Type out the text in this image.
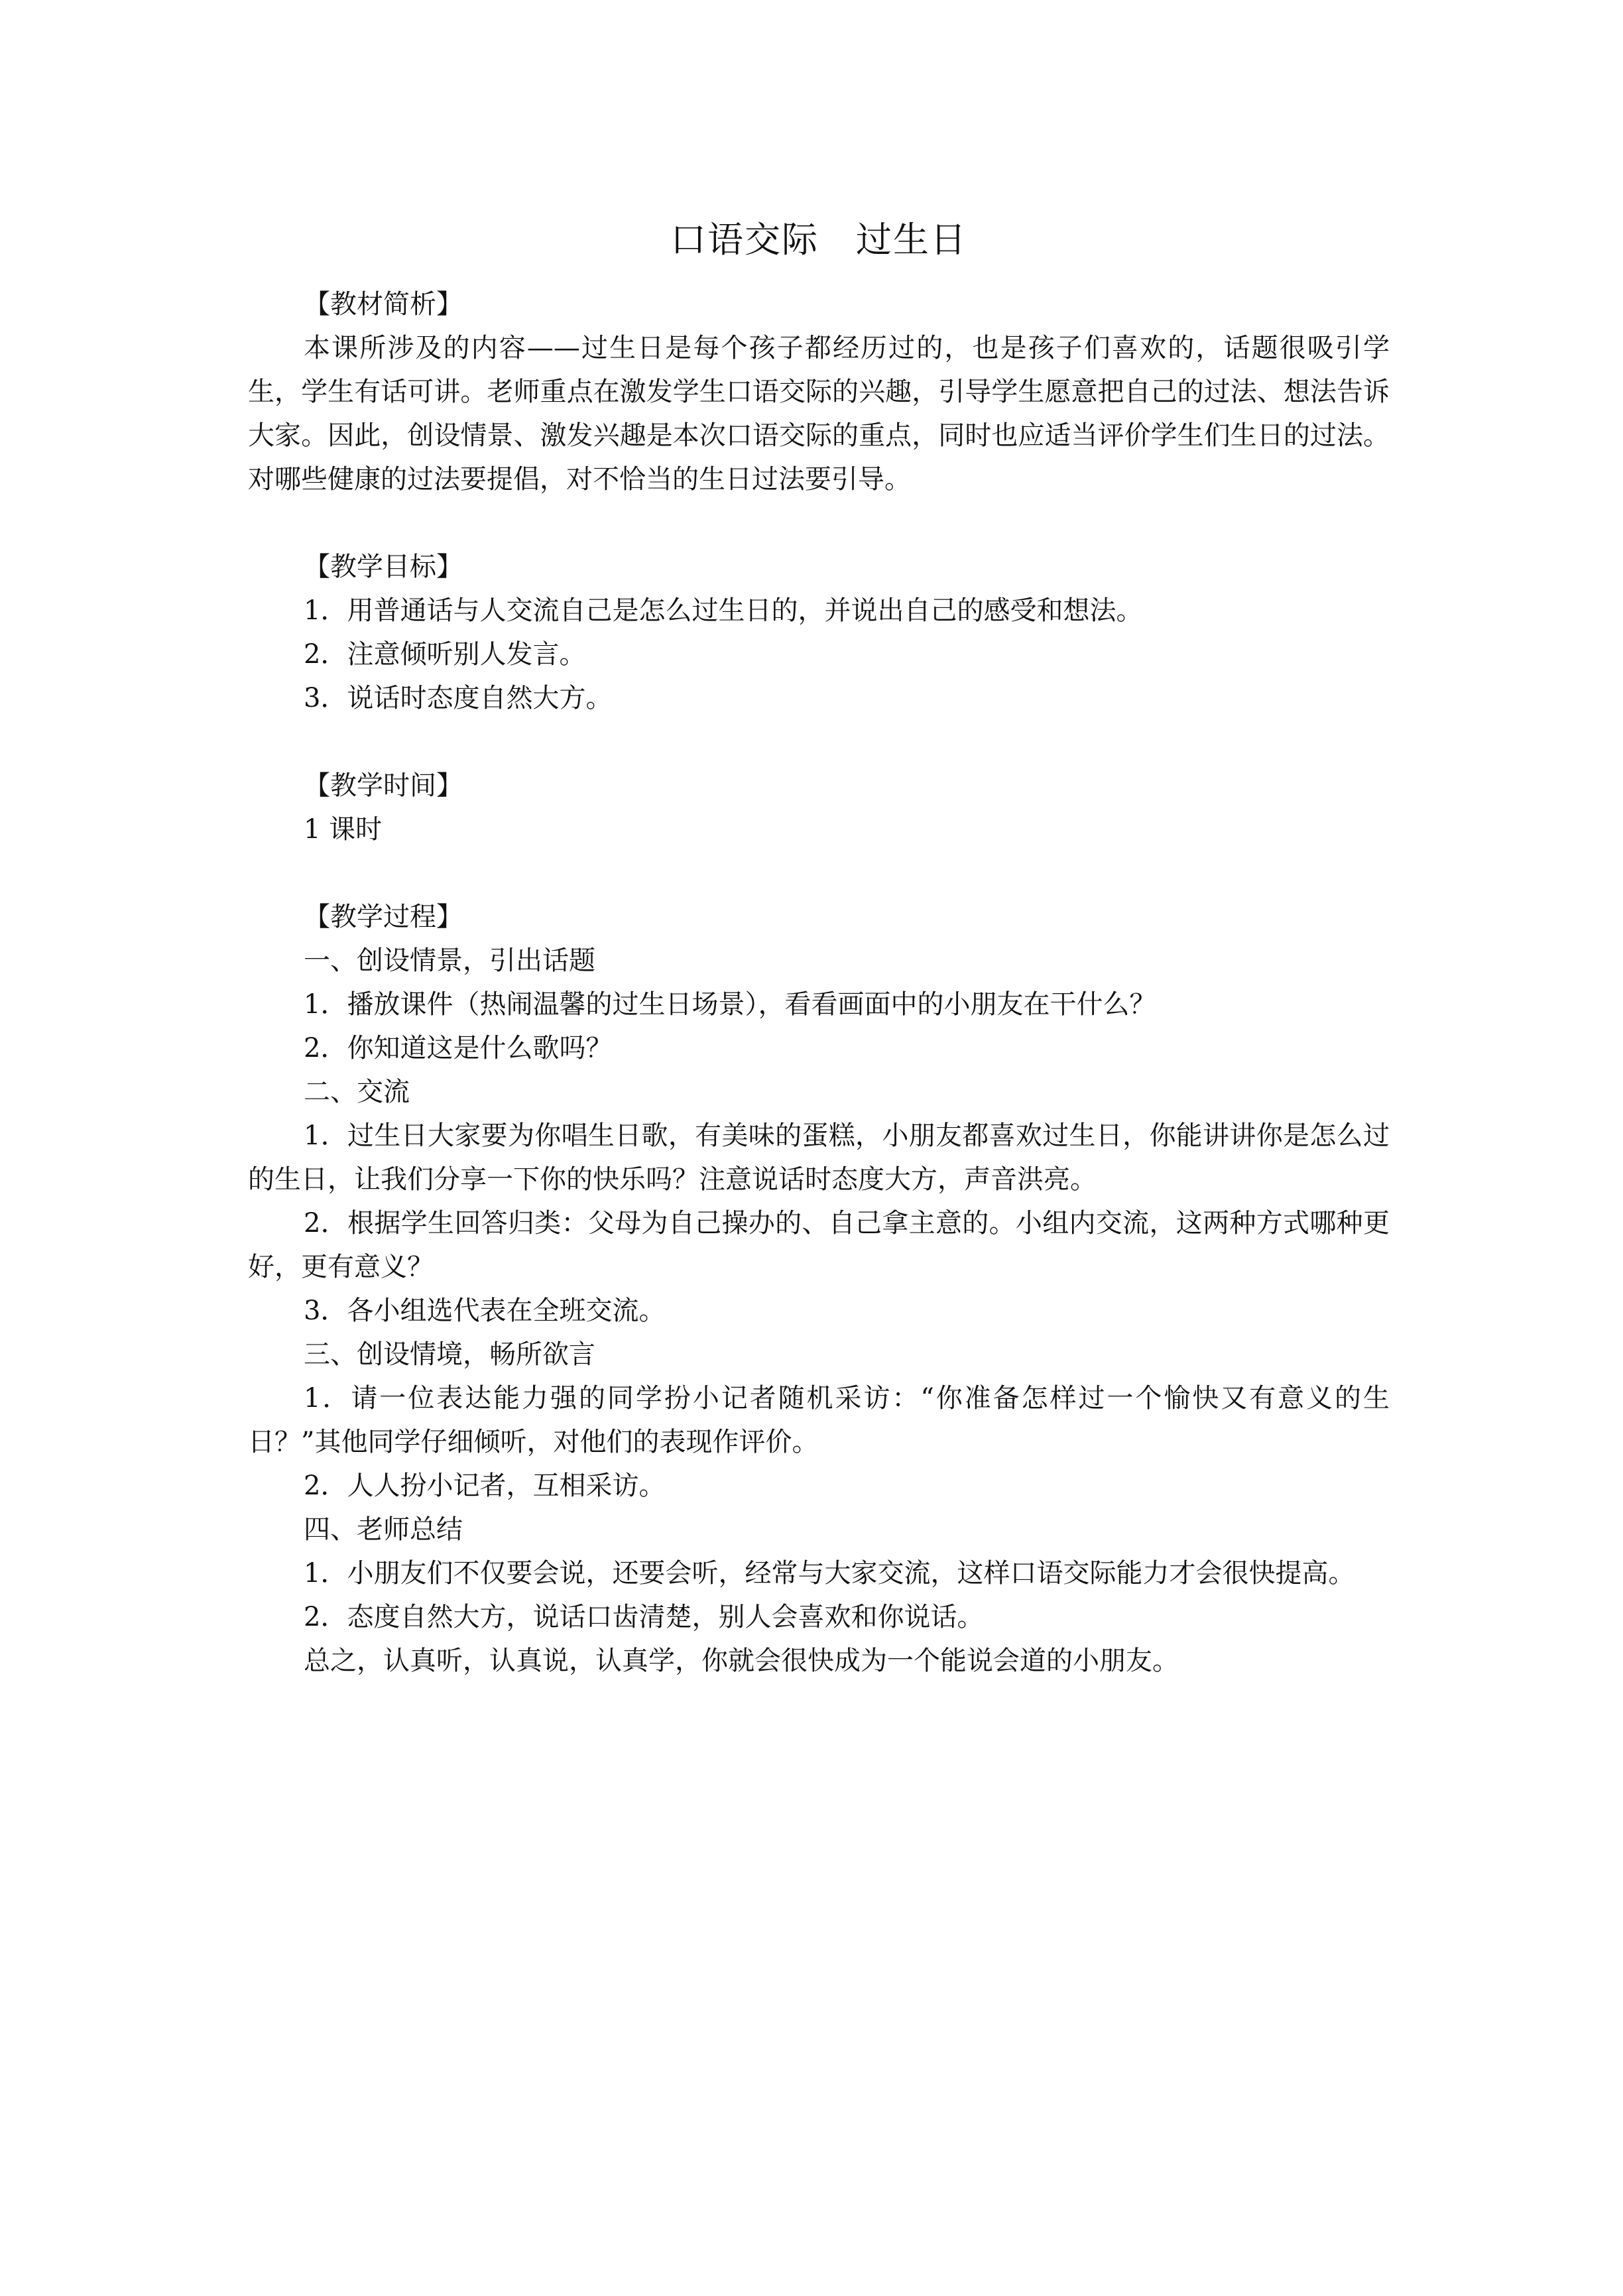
口语交际　过生日

【教材简析】

本课所涉及的内容——过生日是每个孩子都经历过的，也是孩子们喜欢的，话题很吸引学生，学生有话可讲。老师重点在激发学生口语交际的兴趣，引导学生愿意把自己的过法、想法告诉大家。因此，创设情景、激发兴趣是本次口语交际的重点，同时也应适当评价学生们生日的过法。对哪些健康的过法要提倡，对不恰当的生日过法要引导。

【教学目标】

1．用普通话与人交流自己是怎么过生日的，并说出自己的感受和想法。

2．注意倾听别人发言。

3．说话时态度自然大方。

【教学时间】

1 课时

【教学过程】

一、创设情景，引出话题

1．播放课件（热闹温馨的过生日场景），看看画面中的小朋友在干什么？

2．你知道这是什么歌吗？

二、交流

1．过生日大家要为你唱生日歌，有美味的蛋糕，小朋友都喜欢过生日，你能讲讲你是怎么过的生日，让我们分享一下你的快乐吗？注意说话时态度大方，声音洪亮。

2．根据学生回答归类：父母为自己操办的、自己拿主意的。小组内交流，这两种方式哪种更好，更有意义？

3．各小组选代表在全班交流。

三、创设情境，畅所欲言

1．请一位表达能力强的同学扮小记者随机采访：“你准备怎样过一个愉快又有意义的生日？”其他同学仔细倾听，对他们的表现作评价。

2．人人扮小记者，互相采访。

四、老师总结

1．小朋友们不仅要会说，还要会听，经常与大家交流，这样口语交际能力才会很快提高。

2．态度自然大方，说话口齿清楚，别人会喜欢和你说话。

总之，认真听，认真说，认真学，你就会很快成为一个能说会道的小朋友。
